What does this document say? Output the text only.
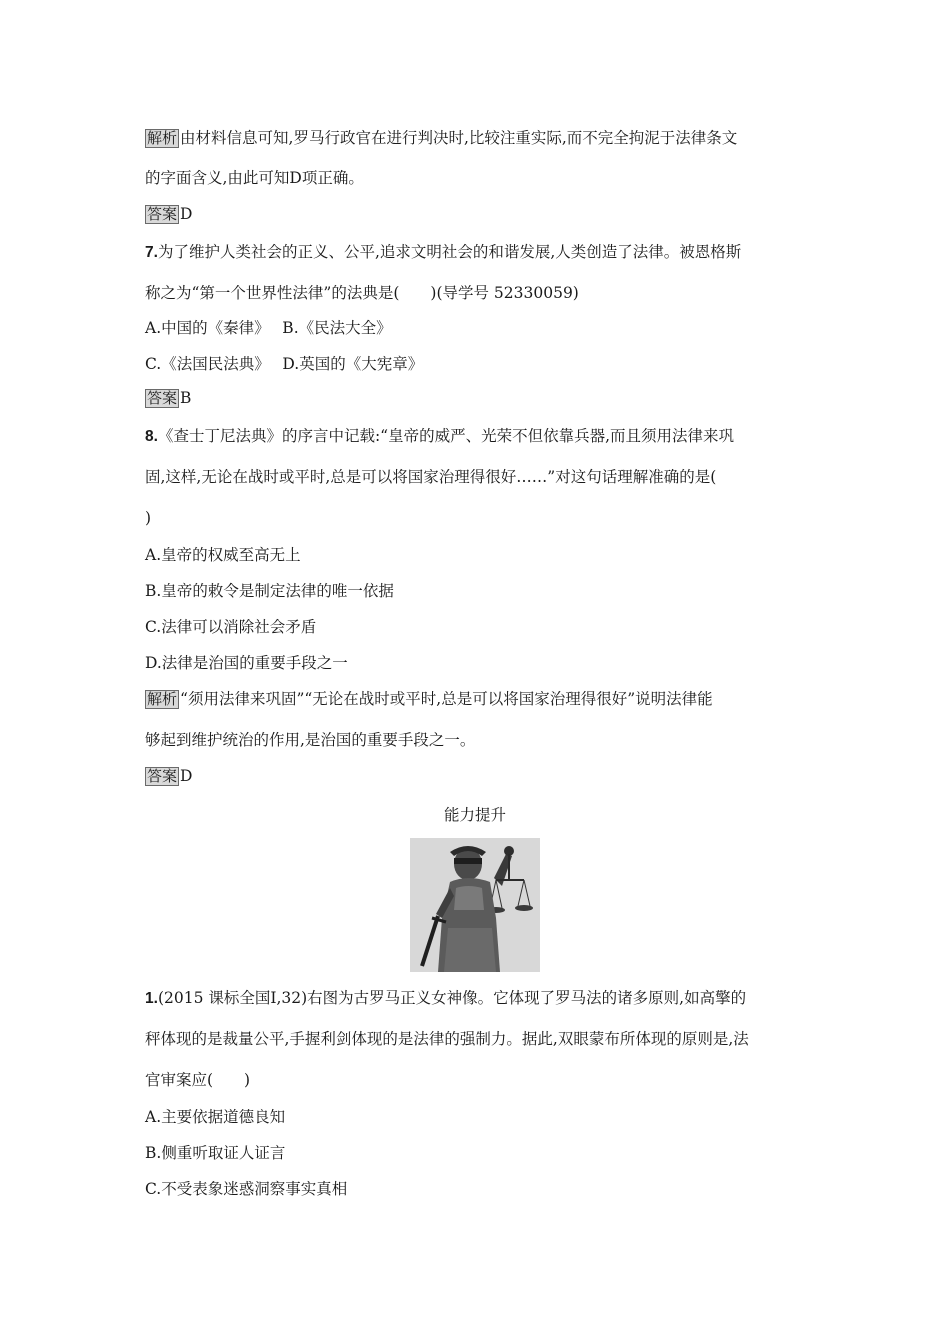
解析 由材料信息可知,罗马行政官在进行判决时,比较注重实际,而不完全拘泥于法律条文
的字面含义,由此可知D项正确。
答案 D
7.为了维护人类社会的正义、公平,追求文明社会的和谐发展,人类创造了法律。被恩格斯
称之为“第一个世界性法律”的法典是(　　)(导学号 52330059)
A.中国的《秦律》　 B.《民法大全》
C.《法国民法典》　 D.英国的《大宪章》
答案 B
8.《查士丁尼法典》的序言中记载:“皇帝的威严、光荣不但依靠兵器,而且须用法律来巩
固,这样,无论在战时或平时,总是可以将国家治理得很好……”对这句话理解准确的是(
)
A.皇帝的权威至高无上
B.皇帝的敕令是制定法律的唯一依据
C.法律可以消除社会矛盾
D.法律是治国的重要手段之一
解析 “须用法律来巩固”“无论在战时或平时,总是可以将国家治理得很好”说明法律能
够起到维护统治的作用,是治国的重要手段之一。
答案 D
能力提升
1.(2015 课标全国Ⅰ,32)右图为古罗马正义女神像。它体现了罗马法的诸多原则,如高擎的
秤体现的是裁量公平,手握利剑体现的是法律的强制力。据此,双眼蒙布所体现的原则是,法
官审案应(　　)
A.主要依据道德良知
B.侧重听取证人证言
C.不受表象迷惑洞察事实真相
